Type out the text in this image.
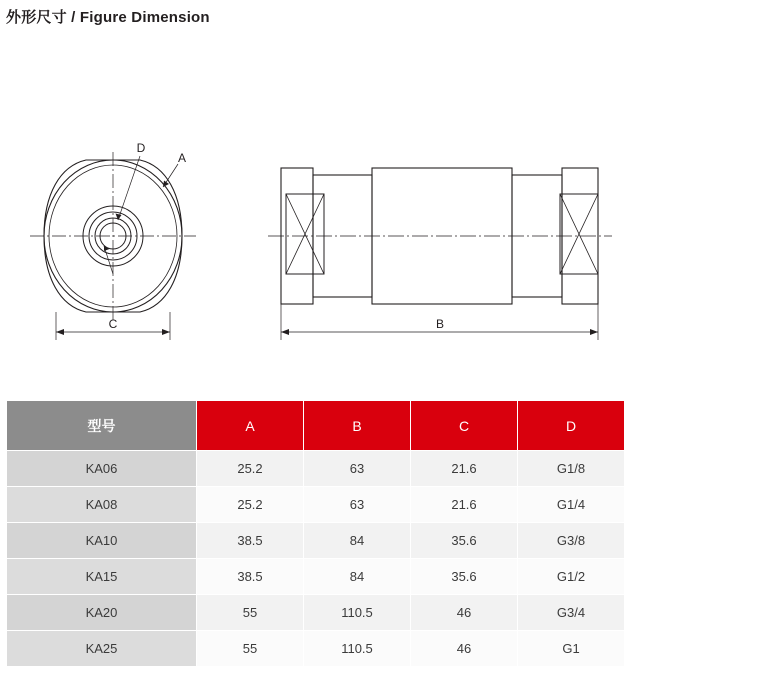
外形尺寸 / Figure Dimension
D
A
C	B
型号	A	B	C	D
KA06	25.2	63	21.6	G1/8
KA08	25.2	63	21.6	G1/4
KA10	38.5	84	35.6	G3/8
KA15	38.5	84	35.6	G1/2
KA20	55	110.5	46	G3/4
KA25	55	110.5	46	G1
